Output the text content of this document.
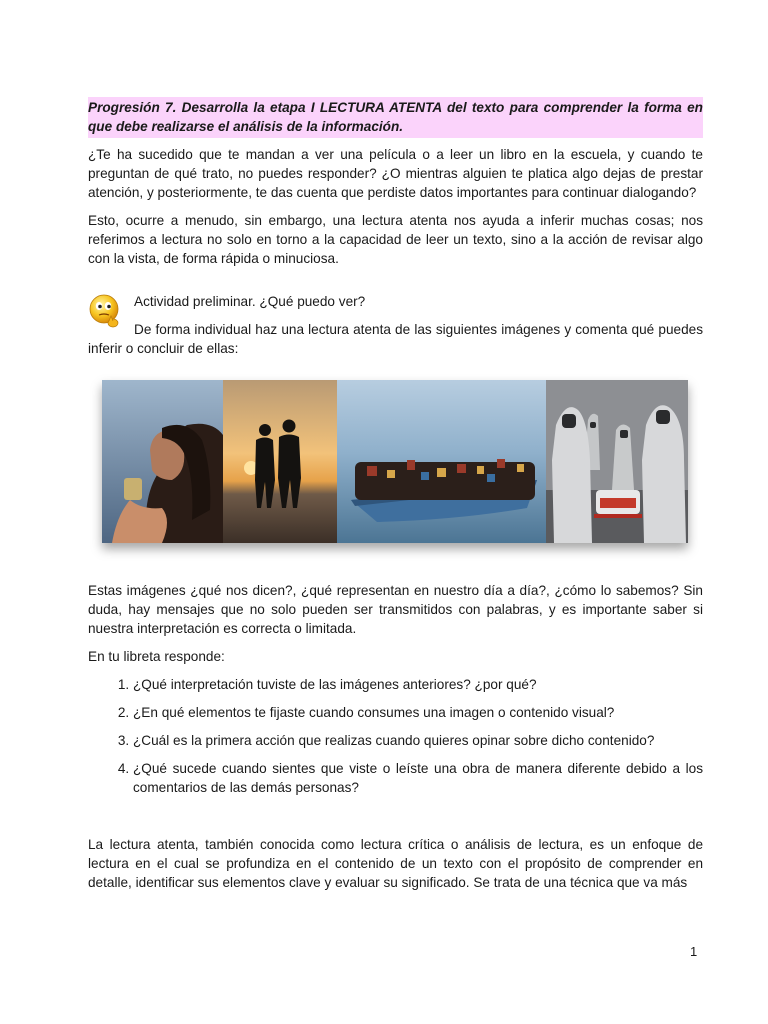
Progresión 7. Desarrolla la etapa I LECTURA ATENTA del texto para comprender la forma en que debe realizarse el análisis de la información.

¿Te ha sucedido que te mandan a ver una película o a leer un libro en la escuela, y cuando te preguntan de qué trato, no puedes responder? ¿O mientras alguien te platica algo dejas de prestar atención, y posteriormente, te das cuenta que perdiste datos importantes para continuar dialogando?

Esto, ocurre a menudo, sin embargo, una lectura atenta nos ayuda a inferir muchas cosas; nos referimos a lectura no solo en torno a la capacidad de leer un texto, sino a la acción de revisar algo con la vista, de forma rápida o minuciosa.

Actividad preliminar. ¿Qué puedo ver?

De forma individual haz una lectura atenta de las siguientes imágenes y comenta qué puedes inferir o concluir de ellas:

Estas imágenes ¿qué nos dicen?, ¿qué representan en nuestro día a día?, ¿cómo lo sabemos? Sin duda, hay mensajes que no solo pueden ser transmitidos con palabras, y es importante saber si nuestra interpretación es correcta o limitada.

En tu libreta responde:

1. ¿Qué interpretación tuviste de las imágenes anteriores? ¿por qué?
2. ¿En qué elementos te fijaste cuando consumes una imagen o contenido visual?
3. ¿Cuál es la primera acción que realizas cuando quieres opinar sobre dicho contenido?
4. ¿Qué sucede cuando sientes que viste o leíste una obra de manera diferente debido a los comentarios de las demás personas?

La lectura atenta, también conocida como lectura crítica o análisis de lectura, es un enfoque de lectura en el cual se profundiza en el contenido de un texto con el propósito de comprender en detalle, identificar sus elementos clave y evaluar su significado. Se trata de una técnica que va más

1
